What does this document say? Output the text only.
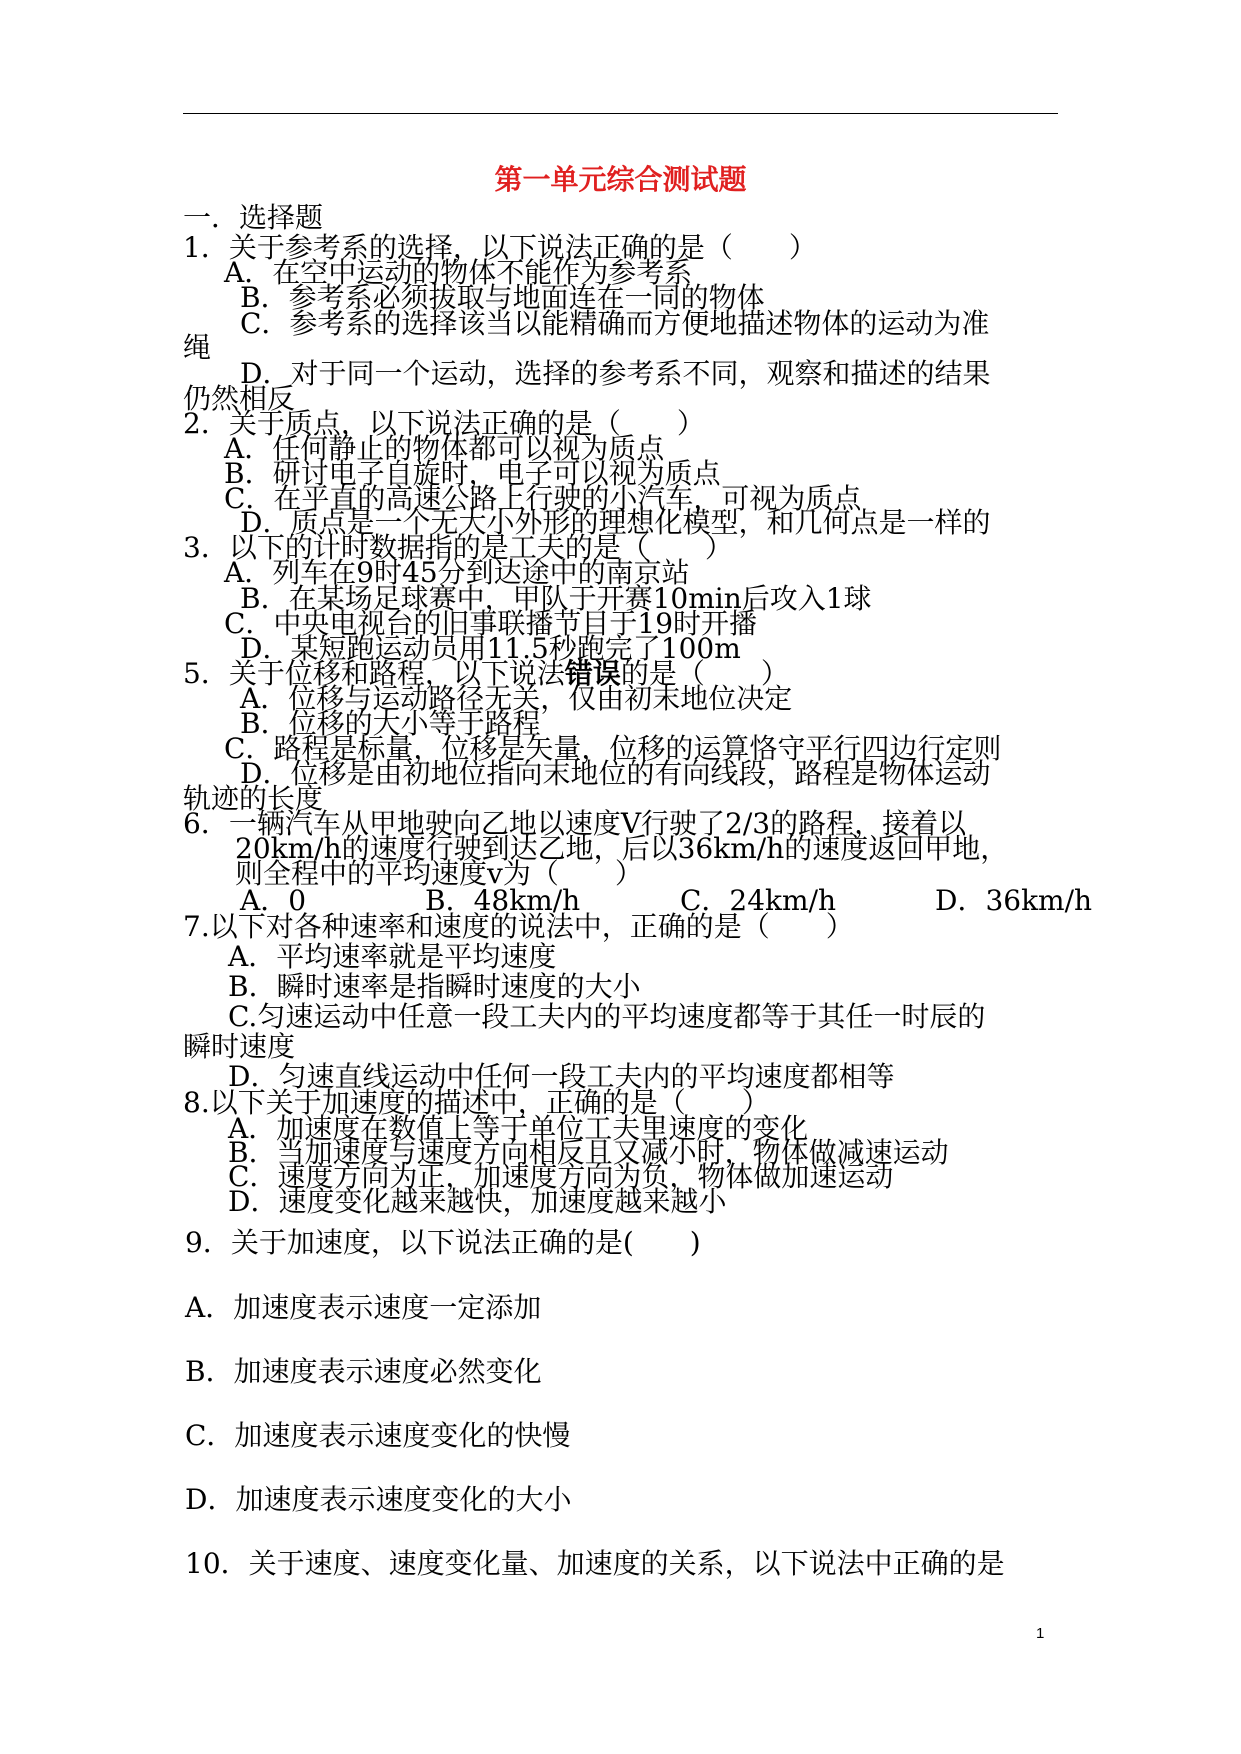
第一单元综合测试题
一．选择题
1．关于参考系的选择，以下说法正确的是（　　）
A．在空中运动的物体不能作为参考系
B．参考系必须拔取与地面连在一同的物体
C．参考系的选择该当以能精确而方便地描述物体的运动为准
绳
D．对于同一个运动，选择的参考系不同，观察和描述的结果
仍然相反
2．关于质点，以下说法正确的是（　　）
A．任何静止的物体都可以视为质点
B．研讨电子自旋时，电子可以视为质点
C．在平直的高速公路上行驶的小汽车，可视为质点
D．质点是一个无大小外形的理想化模型，和几何点是一样的
3．以下的计时数据指的是工夫的是（　　）
A．列车在9时45分到达途中的南京站
B．在某场足球赛中，甲队于开赛10min后攻入1球
C．中央电视台的旧事联播节目于19时开播
D．某短跑运动员用11.5秒跑完了100m
5．关于位移和路程，以下说法错误的是（　　）
A．位移与运动路径无关，仅由初末地位决定
B．位移的大小等于路程
C．路程是标量，位移是矢量，位移的运算恪守平行四边行定则
D．位移是由初地位指向末地位的有向线段，路程是物体运动
轨迹的长度
6．一辆汽车从甲地驶向乙地以速度V行驶了2/3的路程，接着以
20km/h的速度行驶到达乙地，后以36km/h的速度返回甲地，
则全程中的平均速度v为（　　）
A．0	B．48km/h	C．24km/h	D．36km/h
7.以下对各种速率和速度的说法中，正确的是（　　）
A．平均速率就是平均速度
B．瞬时速率是指瞬时速度的大小
C.匀速运动中任意一段工夫内的平均速度都等于其任一时辰的
瞬时速度
D．匀速直线运动中任何一段工夫内的平均速度都相等
8.以下关于加速度的描述中，正确的是（　　）
A．加速度在数值上等于单位工夫里速度的变化
B．当加速度与速度方向相反且又减小时，物体做减速运动
C．速度方向为正，加速度方向为负，物体做加速运动
D．速度变化越来越快，加速度越来越小
9．关于加速度，以下说法正确的是(　　)
A．加速度表示速度一定添加
B．加速度表示速度必然变化
C．加速度表示速度变化的快慢
D．加速度表示速度变化的大小
10．关于速度、速度变化量、加速度的关系，以下说法中正确的是
1
